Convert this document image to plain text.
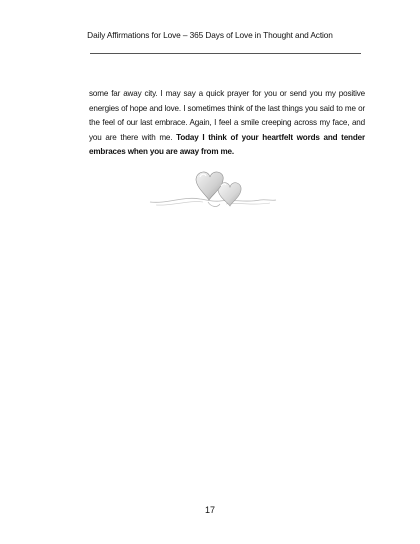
Daily Affirmations for Love – 365 Days of Love in Thought and Action
some far away city. I may say a quick prayer for you or send you my positive energies of hope and love. I sometimes think of the last things you said to me or the feel of our last embrace. Again, I feel a smile creeping across my face, and you are there with me. Today I think of your heartfelt words and tender embraces when you are away from me.
17
